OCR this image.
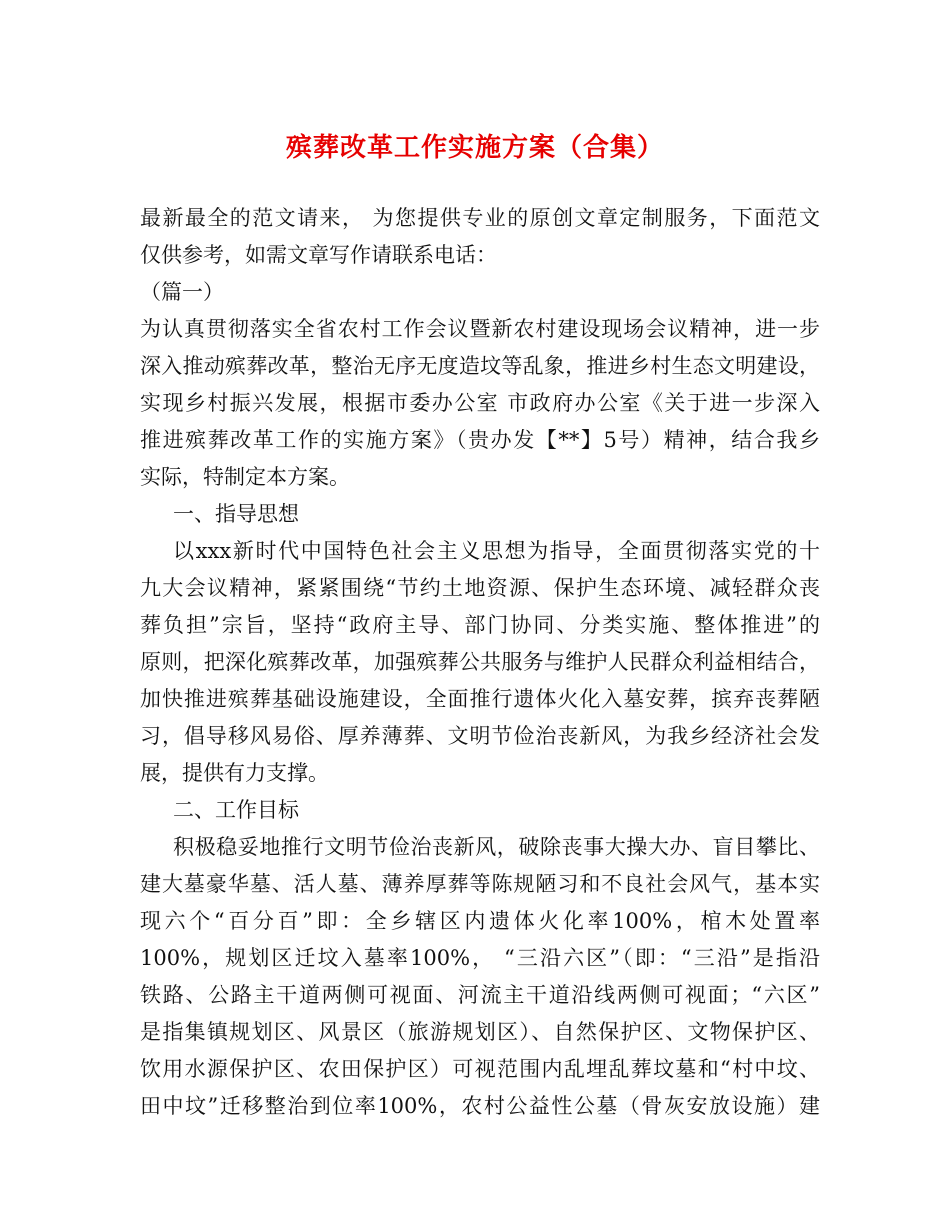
殡葬改革工作实施方案（合集）
最新最全的范文请来， 为您提供专业的原创文章定制服务，下面范文
仅供参考，如需文章写作请联系电话：
（篇一）
为认真贯彻落实全省农村工作会议暨新农村建设现场会议精神，进一步
深入推动殡葬改革，整治无序无度造坟等乱象，推进乡村生态文明建设，
实现乡村振兴发展，根据市委办公室 市政府办公室《关于进一步深入
推进殡葬改革工作的实施方案》（贵办发【**】5号）精神，结合我乡
实际，特制定本方案。
一、指导思想
以xxx新时代中国特色社会主义思想为指导，全面贯彻落实党的十
九大会议精神，紧紧围绕“节约土地资源、保护生态环境、减轻群众丧
葬负担”宗旨，坚持“政府主导、部门协同、分类实施、整体推进”的
原则，把深化殡葬改革，加强殡葬公共服务与维护人民群众利益相结合，
加快推进殡葬基础设施建设，全面推行遗体火化入墓安葬，摈弃丧葬陋
习，倡导移风易俗、厚养薄葬、文明节俭治丧新风，为我乡经济社会发
展，提供有力支撑。
二、工作目标
积极稳妥地推行文明节俭治丧新风，破除丧事大操大办、盲目攀比、
建大墓豪华墓、活人墓、薄养厚葬等陈规陋习和不良社会风气，基本实
现六个“百分百”即：全乡辖区内遗体火化率100%，棺木处置率
100%，规划区迁坟入墓率100%， “三沿六区”（即：“三沿”是指沿
铁路、公路主干道两侧可视面、河流主干道沿线两侧可视面；“六区”
是指集镇规划区、风景区（旅游规划区）、自然保护区、文物保护区、
饮用水源保护区、农田保护区）可视范围内乱埋乱葬坟墓和“村中坟、
田中坟”迁移整治到位率100%，农村公益性公墓（骨灰安放设施）建
